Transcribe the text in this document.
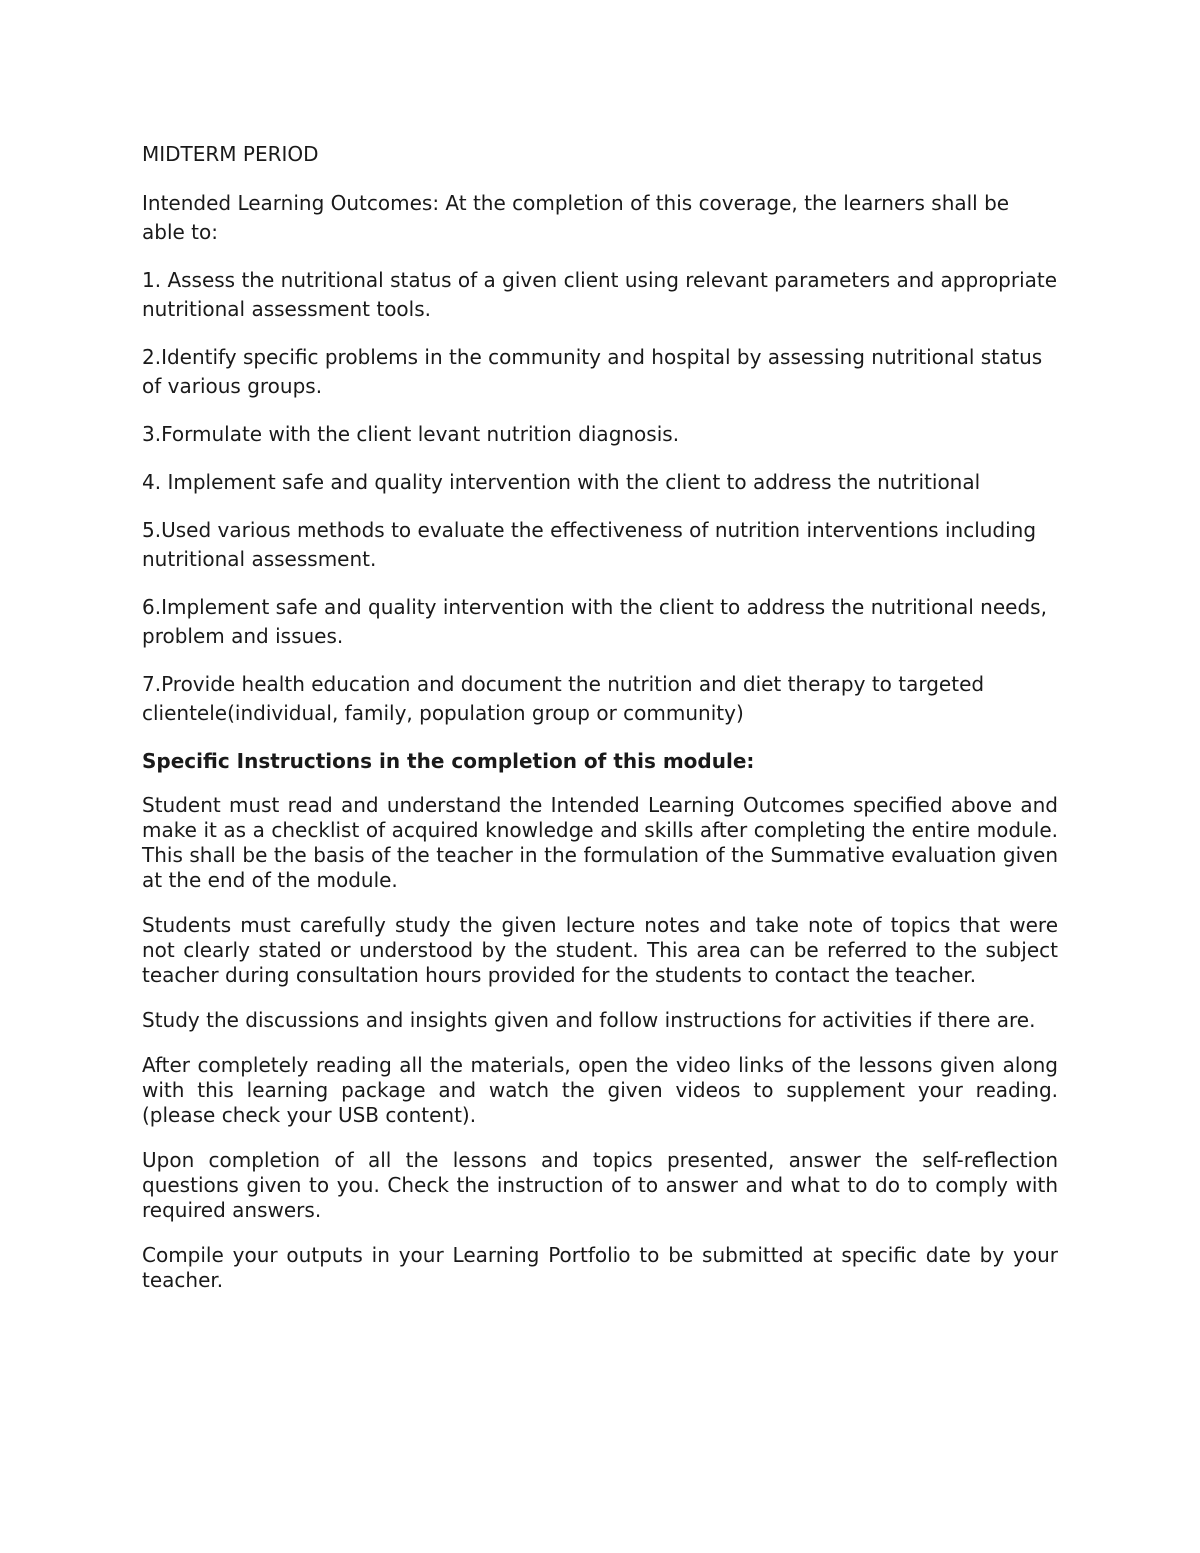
MIDTERM PERIOD

Intended Learning Outcomes: At the completion of this coverage, the learners shall be able to:

1. Assess the nutritional status of a given client using relevant parameters and appropriate nutritional assessment tools.

2.Identify specific problems in the community and hospital by assessing nutritional status of various groups.

3.Formulate with the client levant nutrition diagnosis.

4. Implement safe and quality intervention with the client to address the nutritional

5.Used various methods to evaluate the effectiveness of nutrition interventions including nutritional assessment.

6.Implement safe and quality intervention with the client to address the nutritional needs, problem and issues.

7.Provide health education and document the nutrition and diet therapy to targeted clientele(individual, family, population group or community)

Specific Instructions in the completion of this module:

Student must read and understand the Intended Learning Outcomes specified above and make it as a checklist of acquired knowledge and skills after completing the entire module. This shall be the basis of the teacher in the formulation of the Summative evaluation given at the end of the module.

Students must carefully study the given lecture notes and take note of topics that were not clearly stated or understood by the student. This area can be referred to the subject teacher during consultation hours provided for the students to contact the teacher.

Study the discussions and insights given and follow instructions for activities if there are.

After completely reading all the materials, open the video links of the lessons given along with this learning package and watch the given videos to supplement your reading. (please check your USB content).

Upon completion of all the lessons and topics presented, answer the self-reflection questions given to you. Check the instruction of to answer and what to do to comply with required answers.

Compile your outputs in your Learning Portfolio to be submitted at specific date by your teacher.
